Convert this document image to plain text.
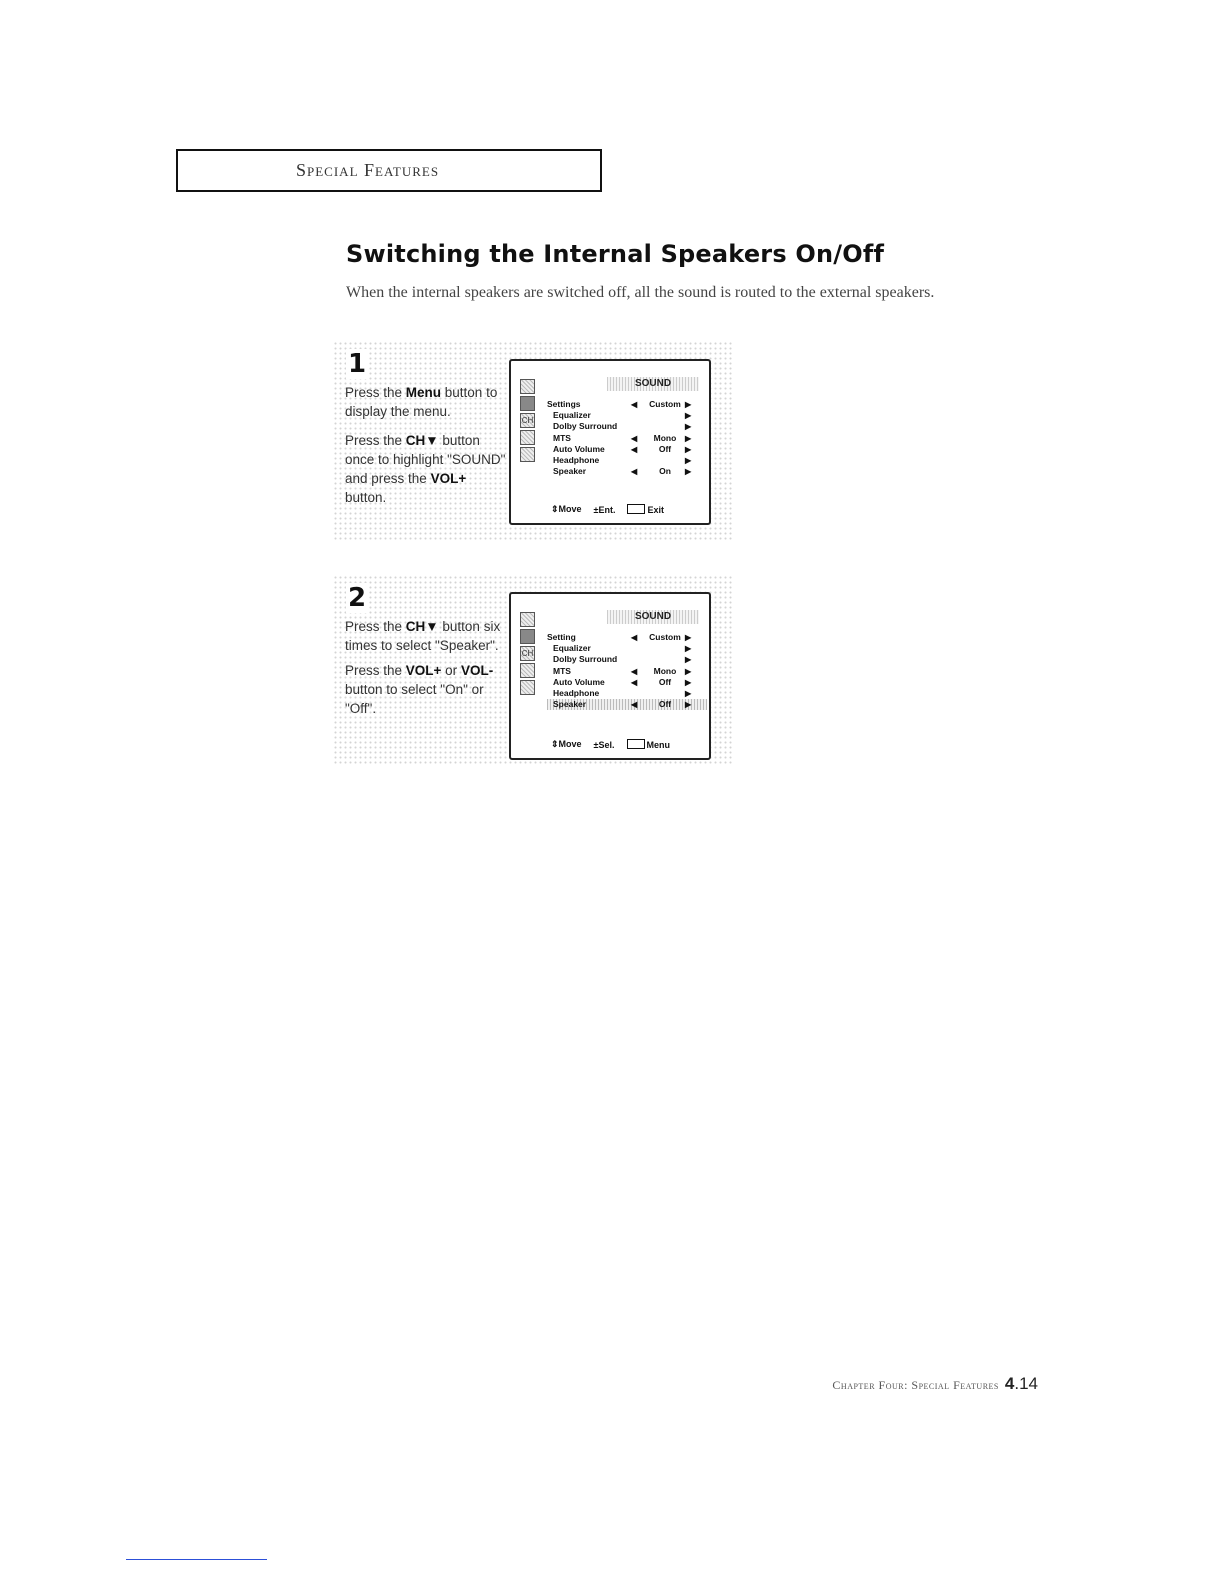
Special Features
Switching the Internal Speakers On/Off

When the internal speakers are switched off, all the sound is routed to the external speakers.

1

Press the Menu button to display the menu.

Press the CH▼ button once to highlight "SOUND" and press the VOL+ button.

CH
SOUND
Settings	◀ Custom ▶
Equalizer	▶
Dolby Surround	▶
MTS	◀	Mono	▶
Auto Volume	◀	Off	▶
Headphone	▶
Speaker	◀	On	▶
⇕Move ±Ent.	Exit
2

Press the CH▼ button six times to select "Speaker".

Press the VOL+ or VOL- button to select "On" or "Off".

CH
SOUND
Setting	◀ Custom ▶
Equalizer	▶
Dolby Surround	▶
MTS	◀	Mono	▶
Auto Volume	◀	Off	▶
Headphone	▶
Speaker	◀	Off	▶
⇕Move ±Sel.	Menu
Chapter Four: Special Features 4.14
